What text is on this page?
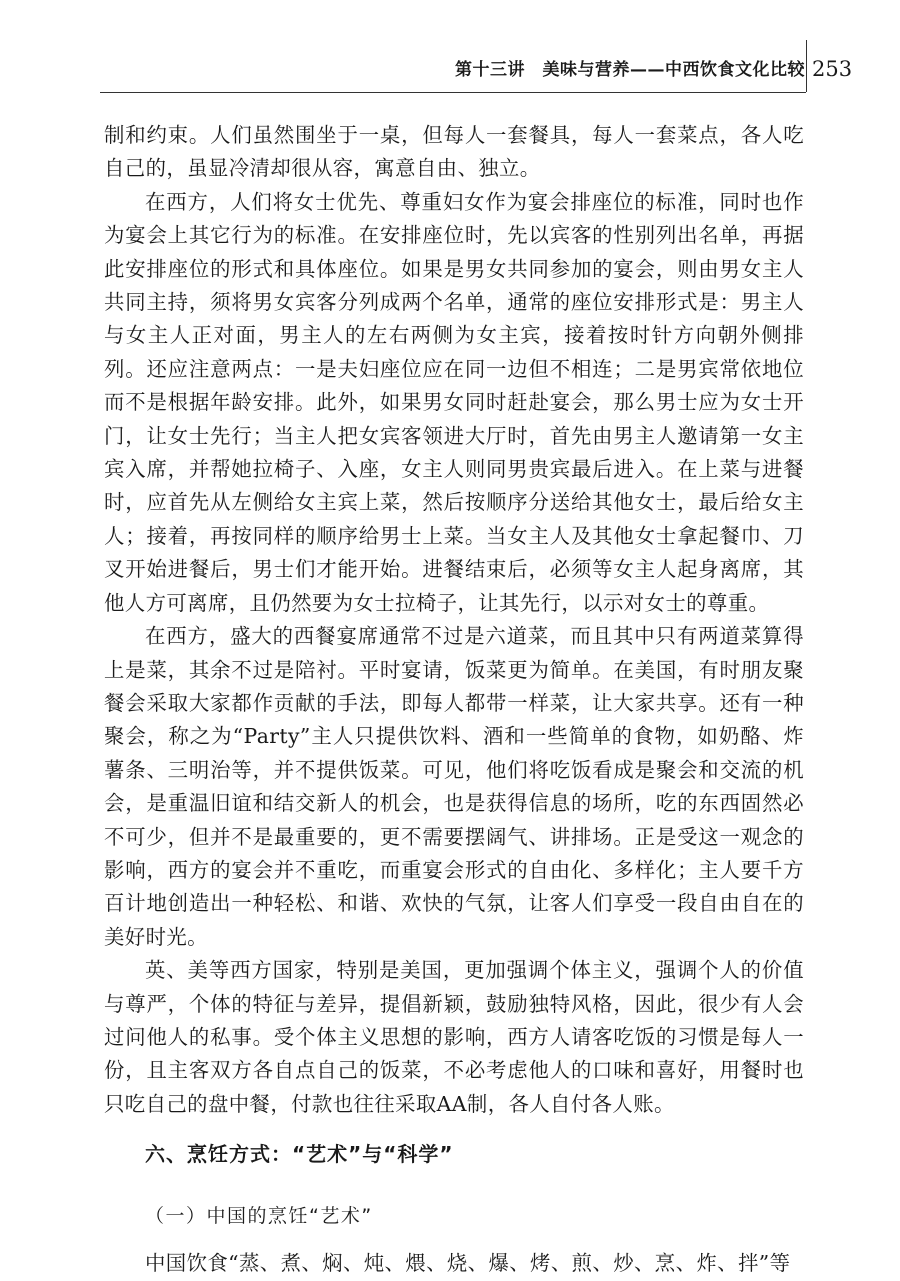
第十三讲　美味与营养——中西饮食文化比较 253

制和约束。人们虽然围坐于一桌，但每人一套餐具，每人一套菜点，各人吃自己的，虽显冷清却很从容，寓意自由、独立。

在西方，人们将女士优先、尊重妇女作为宴会排座位的标准，同时也作为宴会上其它行为的标准。在安排座位时，先以宾客的性别列出名单，再据此安排座位的形式和具体座位。如果是男女共同参加的宴会，则由男女主人共同主持，须将男女宾客分列成两个名单，通常的座位安排形式是：男主人与女主人正对面，男主人的左右两侧为女主宾，接着按时针方向朝外侧排列。还应注意两点：一是夫妇座位应在同一边但不相连；二是男宾常依地位而不是根据年龄安排。此外，如果男女同时赶赴宴会，那么男士应为女士开门，让女士先行；当主人把女宾客领进大厅时，首先由男主人邀请第一女主宾入席，并帮她拉椅子、入座，女主人则同男贵宾最后进入。在上菜与进餐时，应首先从左侧给女主宾上菜，然后按顺序分送给其他女士，最后给女主人；接着，再按同样的顺序给男士上菜。当女主人及其他女士拿起餐巾、刀叉开始进餐后，男士们才能开始。进餐结束后，必须等女主人起身离席，其他人方可离席，且仍然要为女士拉椅子，让其先行，以示对女士的尊重。

在西方，盛大的西餐宴席通常不过是六道菜，而且其中只有两道菜算得上是菜，其余不过是陪衬。平时宴请，饭菜更为简单。在美国，有时朋友聚餐会采取大家都作贡献的手法，即每人都带一样菜，让大家共享。还有一种聚会，称之为“Party”主人只提供饮料、酒和一些简单的食物，如奶酪、炸薯条、三明治等，并不提供饭菜。可见，他们将吃饭看成是聚会和交流的机会，是重温旧谊和结交新人的机会，也是获得信息的场所，吃的东西固然必不可少，但并不是最重要的，更不需要摆阔气、讲排场。正是受这一观念的影响，西方的宴会并不重吃，而重宴会形式的自由化、多样化；主人要千方百计地创造出一种轻松、和谐、欢快的气氛，让客人们享受一段自由自在的美好时光。

英、美等西方国家，特别是美国，更加强调个体主义，强调个人的价值与尊严，个体的特征与差异，提倡新颖，鼓励独特风格，因此，很少有人会过问他人的私事。受个体主义思想的影响，西方人请客吃饭的习惯是每人一份，且主客双方各自点自己的饭菜，不必考虑他人的口味和喜好，用餐时也只吃自己的盘中餐，付款也往往采取AA制，各人自付各人账。

六、烹饪方式：“艺术”与“科学”
（一）中国的烹饪“艺术”

中国饮食“蒸、煮、焖、炖、煨、烧、爆、烤、煎、炒、烹、炸、拌”等
